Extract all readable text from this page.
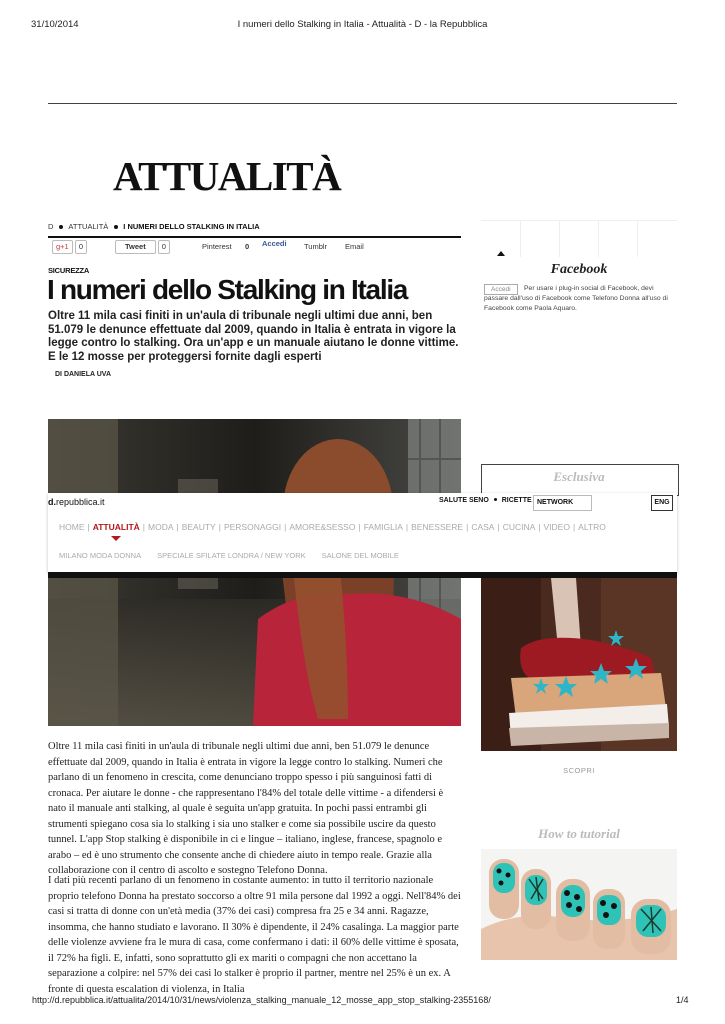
31/10/2014	I numeri dello Stalking in Italia - Attualità - D - la Repubblica
ATTUALITÀ
D ATTUALITÀ I NUMERI DELLO STALKING IN ITALIA
g+1 0	Tweet 0	Pinterest 0 Accedi Tumblr Email
SICUREZZA
I numeri dello Stalking in Italia
Oltre 11 mila casi finiti in un'aula di tribunale negli ultimi due anni, ben 51.079 le denunce effettuate dal 2009, quando in Italia è entrata in vigore la legge contro lo stalking. Ora un'app e un manuale aiutano le donne vittime. E le 12 mosse per proteggersi fornite dagli esperti
DI DANIELA UVA
Oltre 11 mila casi finiti in un'aula di tribunale negli ultimi due anni, ben 51.079 le denunce effettuate dal 2009, quando in Italia è entrata in vigore la legge contro lo stalking. Numeri che parlano di un fenomeno in crescita, come denunciano troppo spesso i più sanguinosi fatti di cronaca. Per aiutare le donne - che rappresentano l'84% del totale delle vittime - a difendersi è nato il manuale anti stalking, al quale è seguita un'app gratuita. In pochi passi entrambi gli strumenti spiegano cosa sia lo stalking i sia uno stalker e come sia possibile uscire da questo tunnel. L'app Stop stalking è disponibile in ci e lingue – italiano, inglese, francese, spagnolo e arabo – ed è uno strumento che consente anche di chiedere aiuto in tempo reale. Grazie alla collaborazione con il centro di ascolto e sostegno Telefono Donna.
I dati più recenti parlano di un fenomeno in costante aumento: in tutto il territorio nazionale proprio telefono Donna ha prestato soccorso a oltre 91 mila persone dal 1992 a oggi. Nell'84% dei casi si tratta di donne con un'età media (37% dei casi) compresa fra 25 e 34 anni. Ragazze, insomma, che hanno studiato e lavorano. Il 30% è dipendente, il 24% casalinga. La maggior parte delle violenze avviene fra le mura di casa, come confermano i dati: il 60% delle vittime è sposata, il 72% ha figli. E, infatti, sono soprattutto gli ex mariti o compagni che non accettano la separazione a colpire: nel 57% dei casi lo stalker è proprio il partner, mentre nel 25% è un ex. A fronte di questa escalation di violenza, in Italia
Facebook
Per usare i plug-in social di Facebook, devi passare dall'uso di Facebook come Telefono Donna all'uso di Facebook come Paola Aquaro.
Accedi
Esclusiva
d.repubblica.it	SALUTE SENO RICETTE NETWORK	ENG
HOME | ATTUALITÀ | MODA | BEAUTY | PERSONAGGI | AMORE&SESSO | FAMIGLIA | BENESSERE | CASA | CUCINA | VIDEO | ALTRO
MILANO MODA DONNA SPECIALE SFILATE LONDRA / NEW YORK SALONE DEL MOBILE
SCOPRI
How to tutorial
http://d.repubblica.it/attualita/2014/10/31/news/violenza_stalking_manuale_12_mosse_app_stop_stalking-2355168/	1/4
